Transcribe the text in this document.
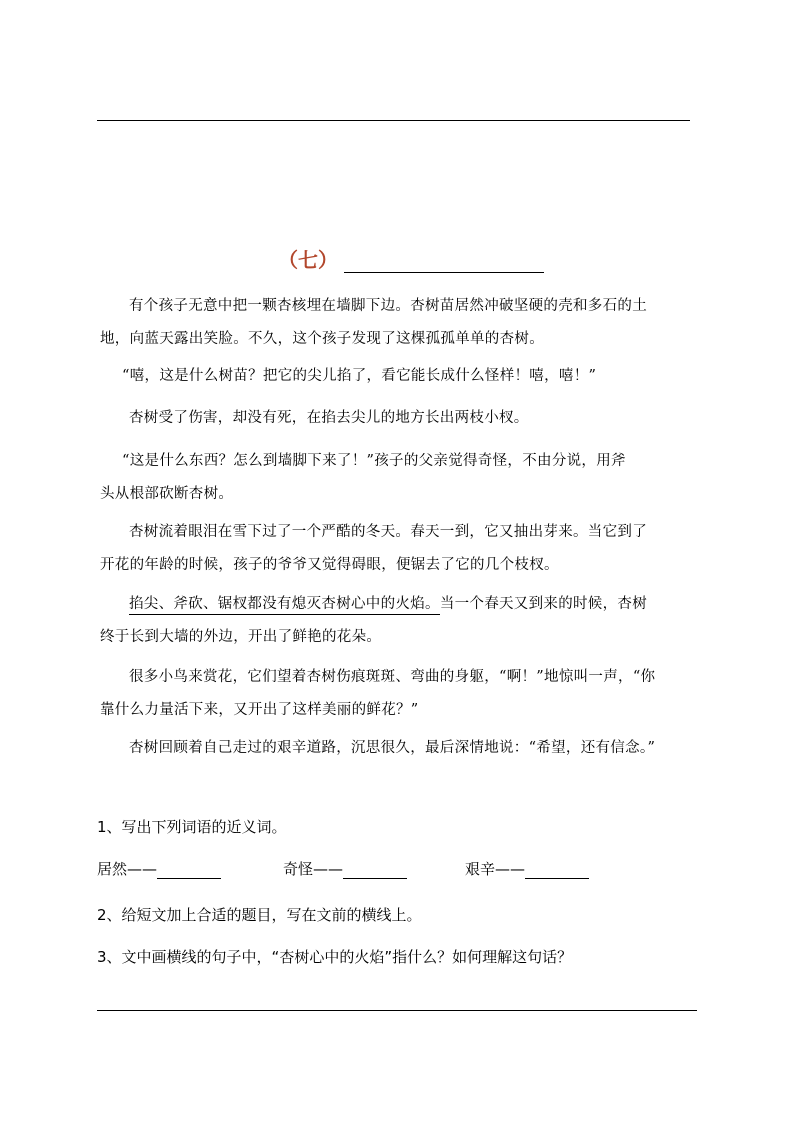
（七）

有个孩子无意中把一颗杏核埋在墙脚下边。杏树苗居然冲破坚硬的壳和多石的土
地，向蓝天露出笑脸。不久，这个孩子发现了这棵孤孤单单的杏树。

“嘻，这是什么树苗？把它的尖儿掐了，看它能长成什么怪样！嘻，嘻！”

杏树受了伤害，却没有死，在掐去尖儿的地方长出两枝小杈。

“这是什么东西？怎么到墙脚下来了！”孩子的父亲觉得奇怪，不由分说，用斧
头从根部砍断杏树。

杏树流着眼泪在雪下过了一个严酷的冬天。春天一到，它又抽出芽来。当它到了
开花的年龄的时候，孩子的爷爷又觉得碍眼，便锯去了它的几个枝杈。

掐尖、斧砍、锯杈都没有熄灭杏树心中的火焰。当一个春天又到来的时候，杏树
终于长到大墙的外边，开出了鲜艳的花朵。

很多小鸟来赏花，它们望着杏树伤痕斑斑、弯曲的身躯，“啊！”地惊叫一声，“你
靠什么力量活下来，又开出了这样美丽的鲜花？”

杏树回顾着自己走过的艰辛道路，沉思很久，最后深情地说：“希望，还有信念。”

1、写出下列词语的近义词。
居然——	奇怪——	艰辛——
2、给短文加上合适的题目，写在文前的横线上。
3、文中画横线的句子中，“杏树心中的火焰”指什么？如何理解这句话？
